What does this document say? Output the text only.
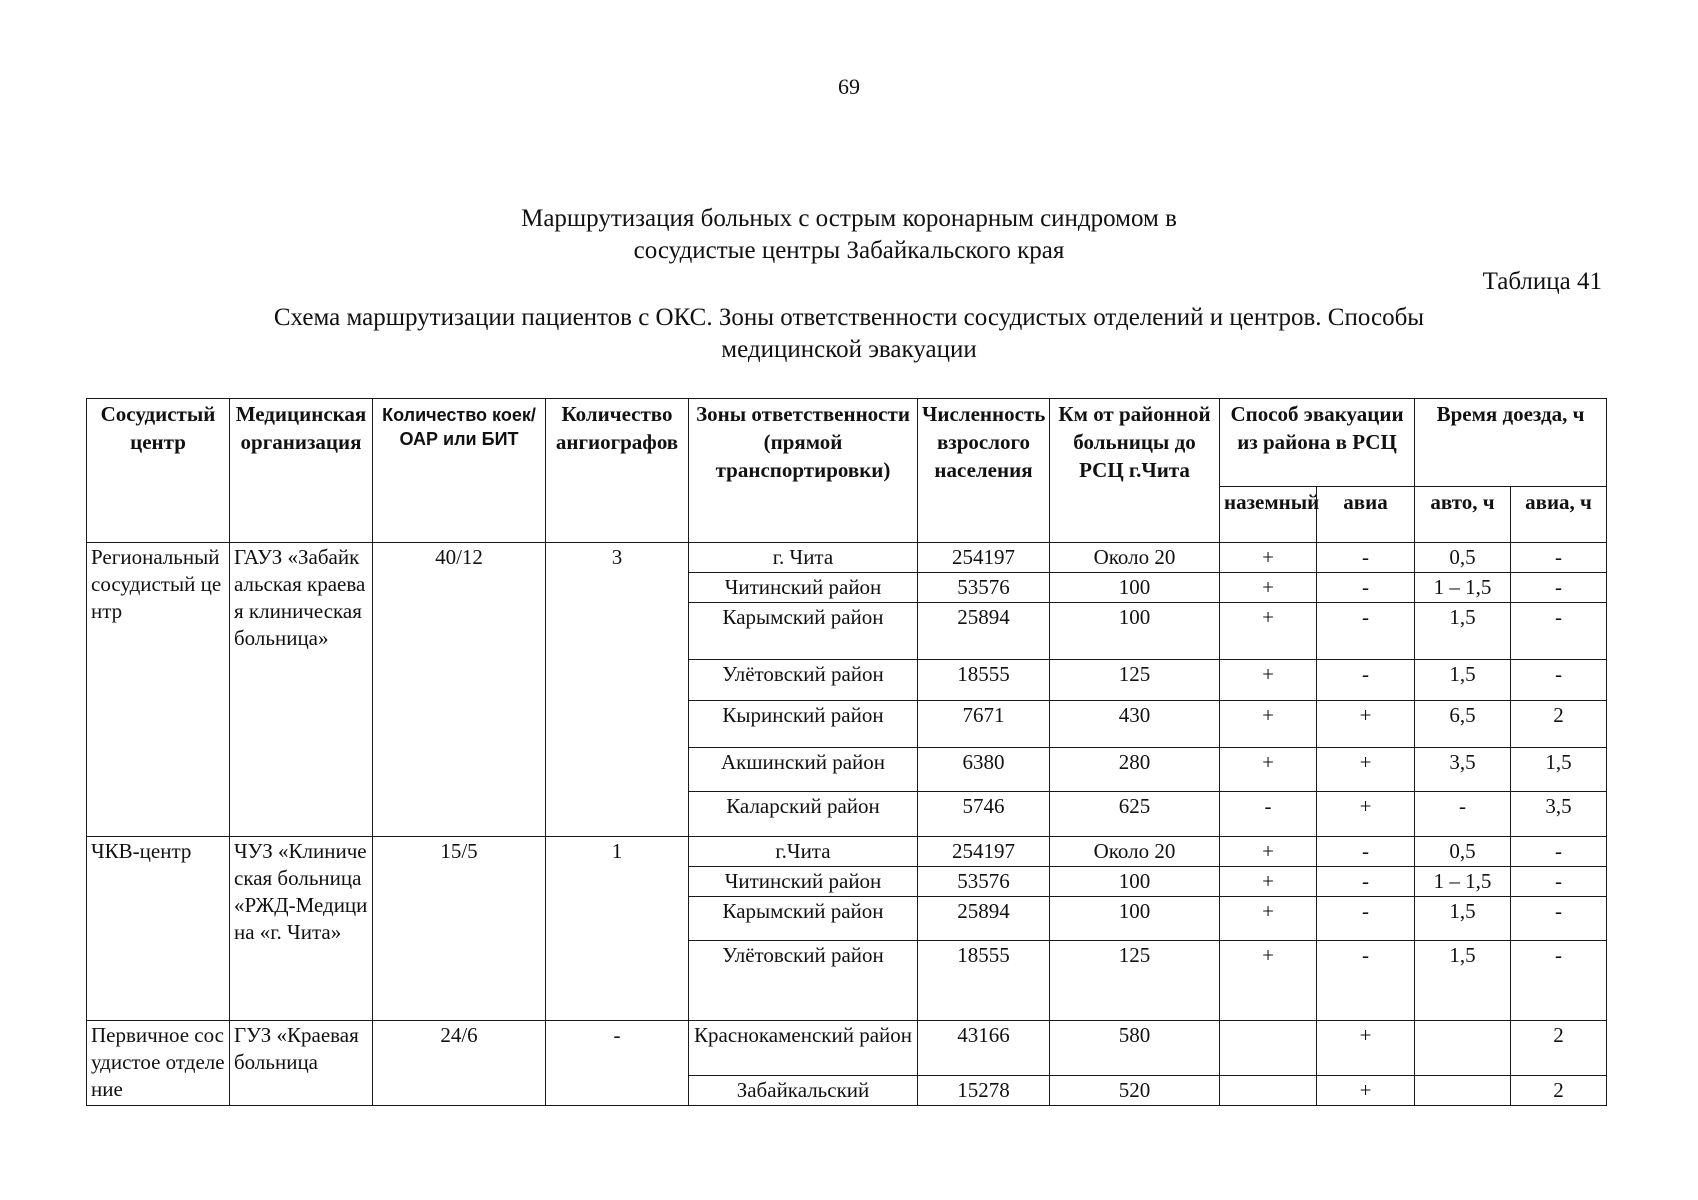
69
Маршрутизация больных с острым коронарным синдромом в
сосудистые центры Забайкальского края
Таблица 41
Схема маршрутизации пациентов с ОКС. Зоны ответственности сосудистых отделений и центров. Способы
медицинской эвакуации
Сосудистый центр	Медицинская организация	Количество коек/ОАР или БИТ	Количество ангиографов	Зоны ответственности (прямой транспортировки)	Численность взрослого населения	Км от районной больницы до РСЦ г.Чита	Способ эвакуации из района в РСЦ		Время доезда, ч	
							наземный	авиа	авто, ч	авиа, ч
Региональный сосудистый центр	ГАУЗ «Забайкальская краевая клиническая больница»	40/12	3	г. Чита	254197	Около 20	+	-	0,5	-
				Читинский район	53576	100	+	-	1 – 1,5	-
				Карымский район	25894	100	+	-	1,5	-
				Улётовский район	18555	125	+	-	1,5	-
				Кыринский район	7671	430	+	+	6,5	2
				Акшинский район	6380	280	+	+	3,5	1,5
				Каларский район	5746	625	-	+	-	3,5
ЧКВ-центр	ЧУЗ «Клиническая больница «РЖД-Медицина «г. Чита»	15/5	1	г.Чита	254197	Около 20	+	-	0,5	-
				Читинский район	53576	100	+	-	1 – 1,5	-
				Карымский район	25894	100	+	-	1,5	-
				Улётовский район	18555	125	+	-	1,5	-
Первичное сосудистое отделение	ГУЗ «Краевая больница	24/6	-	Краснокаменский район	43166	580		+		2
				Забайкальский	15278	520		+		2
